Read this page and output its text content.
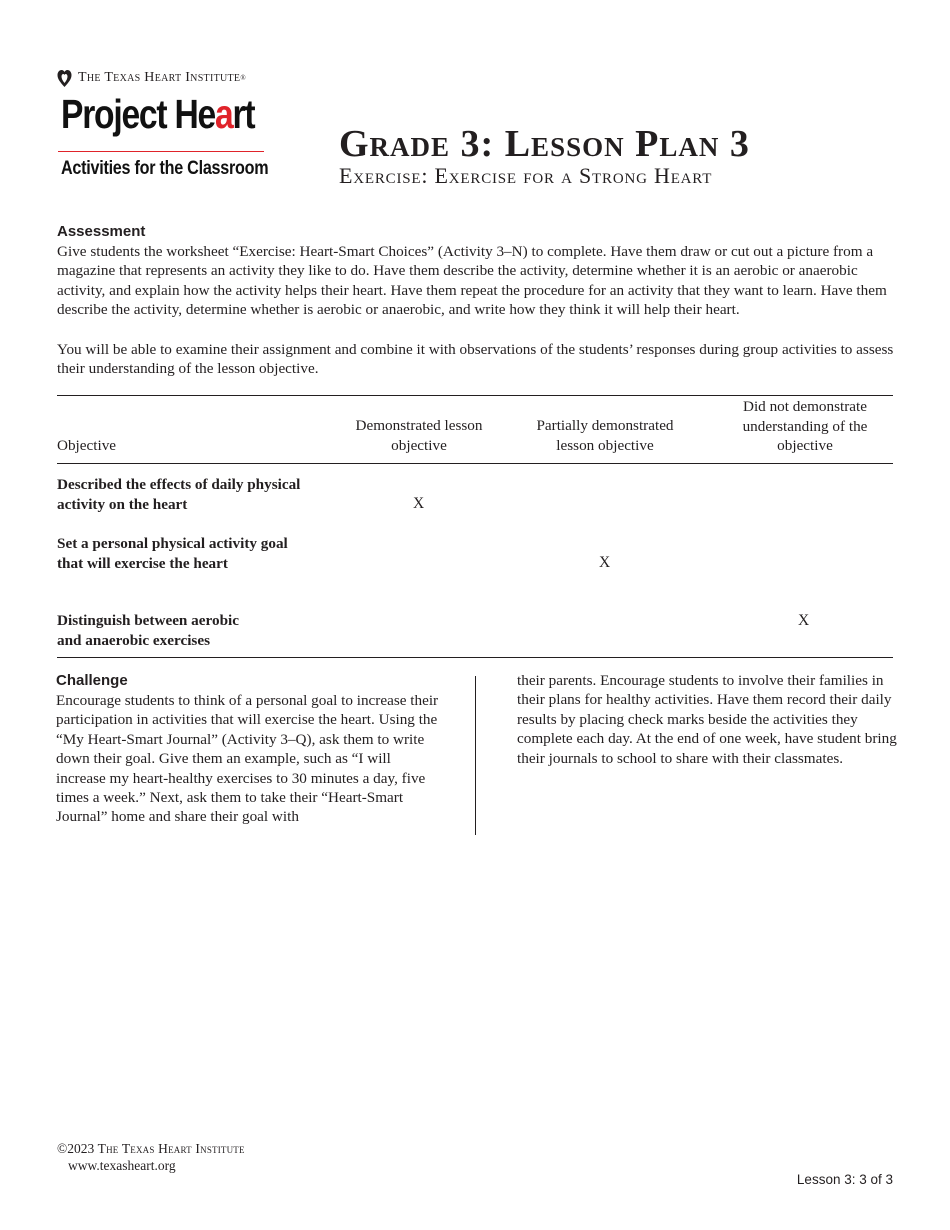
The Texas Heart Institute ®
Project Heart
Activities for the Classroom
Grade 3: Lesson Plan 3
Exercise: Exercise for a Strong Heart
Assessment
Give students the worksheet “Exercise: Heart-Smart Choices” (Activity 3–N) to complete. Have them draw or cut out a picture from a magazine that represents an activity they like to do. Have them describe the activity, determine whether it is an aerobic or anaerobic activity, and explain how the activity helps their heart. Have them repeat the procedure for an activity that they want to learn. Have them describe the activity, determine whether is aerobic or anaerobic, and write how they think it will help their heart.
You will be able to examine their assignment and combine it with observations of the students’ responses during group activities to assess their understanding of the lesson objective.
Objective
Demonstrated lesson objective
Partially demonstrated lesson objective
Did not demonstrate understanding of the objective
Described the effects of daily physical activity on the heart	X
Set a personal physical activity goal that will exercise the heart	X
Distinguish between aerobic and anaerobic exercises
X
Challenge
Encourage students to think of a personal goal to increase their participation in activities that will exercise the heart. Using the “My Heart-Smart Journal” (Activity 3–Q), ask them to write down their goal. Give them an example, such as “I will increase my heart-healthy exercises to 30 minutes a day, five times a week.” Next, ask them to take their “Heart-Smart Journal” home and share their goal with
their parents. Encourage students to involve their families in their plans for healthy activities. Have them record their daily results by placing check marks beside the activities they complete each day. At the end of one week, have student bring their journals to school to share with their classmates.
©2023 The Texas Heart Institute
www.texasheart.org
Lesson 3: 3 of 3
